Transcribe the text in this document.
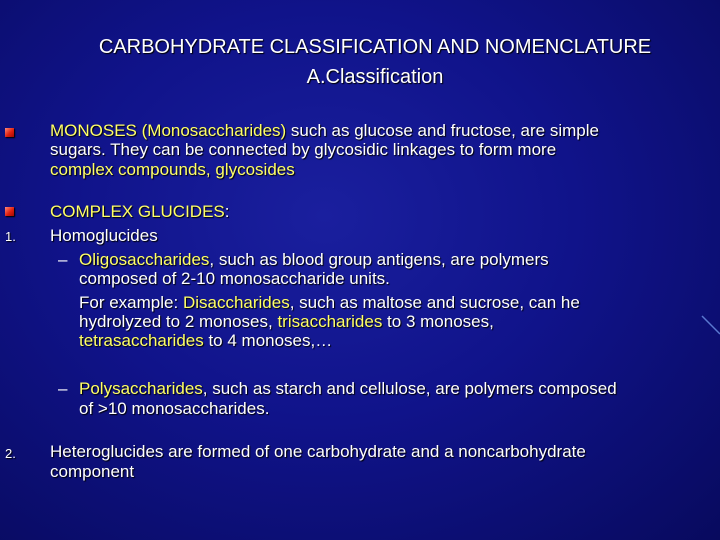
CARBOHYDRATE CLASSIFICATION AND NOMENCLATURE
A.Classification
MONOSES (Monosaccharides) such as glucose and fructose, are simple
sugars. They can be connected by glycosidic linkages to form more
complex compounds, glycosides
COMPLEX GLUCIDES:
1. Homoglucides
– Oligosaccharides, such as blood group antigens, are polymers
composed of 2-10 monosaccharide units.
For example: Disaccharides, such as maltose and sucrose, can he
hydrolyzed to 2 monoses, trisaccharides to 3 monoses,
tetrasaccharides to 4 monoses,…
– Polysaccharides, such as starch and cellulose, are polymers composed
of >10 monosaccharides.
2. Heteroglucides are formed of one carbohydrate and a noncarbohydrate
component
